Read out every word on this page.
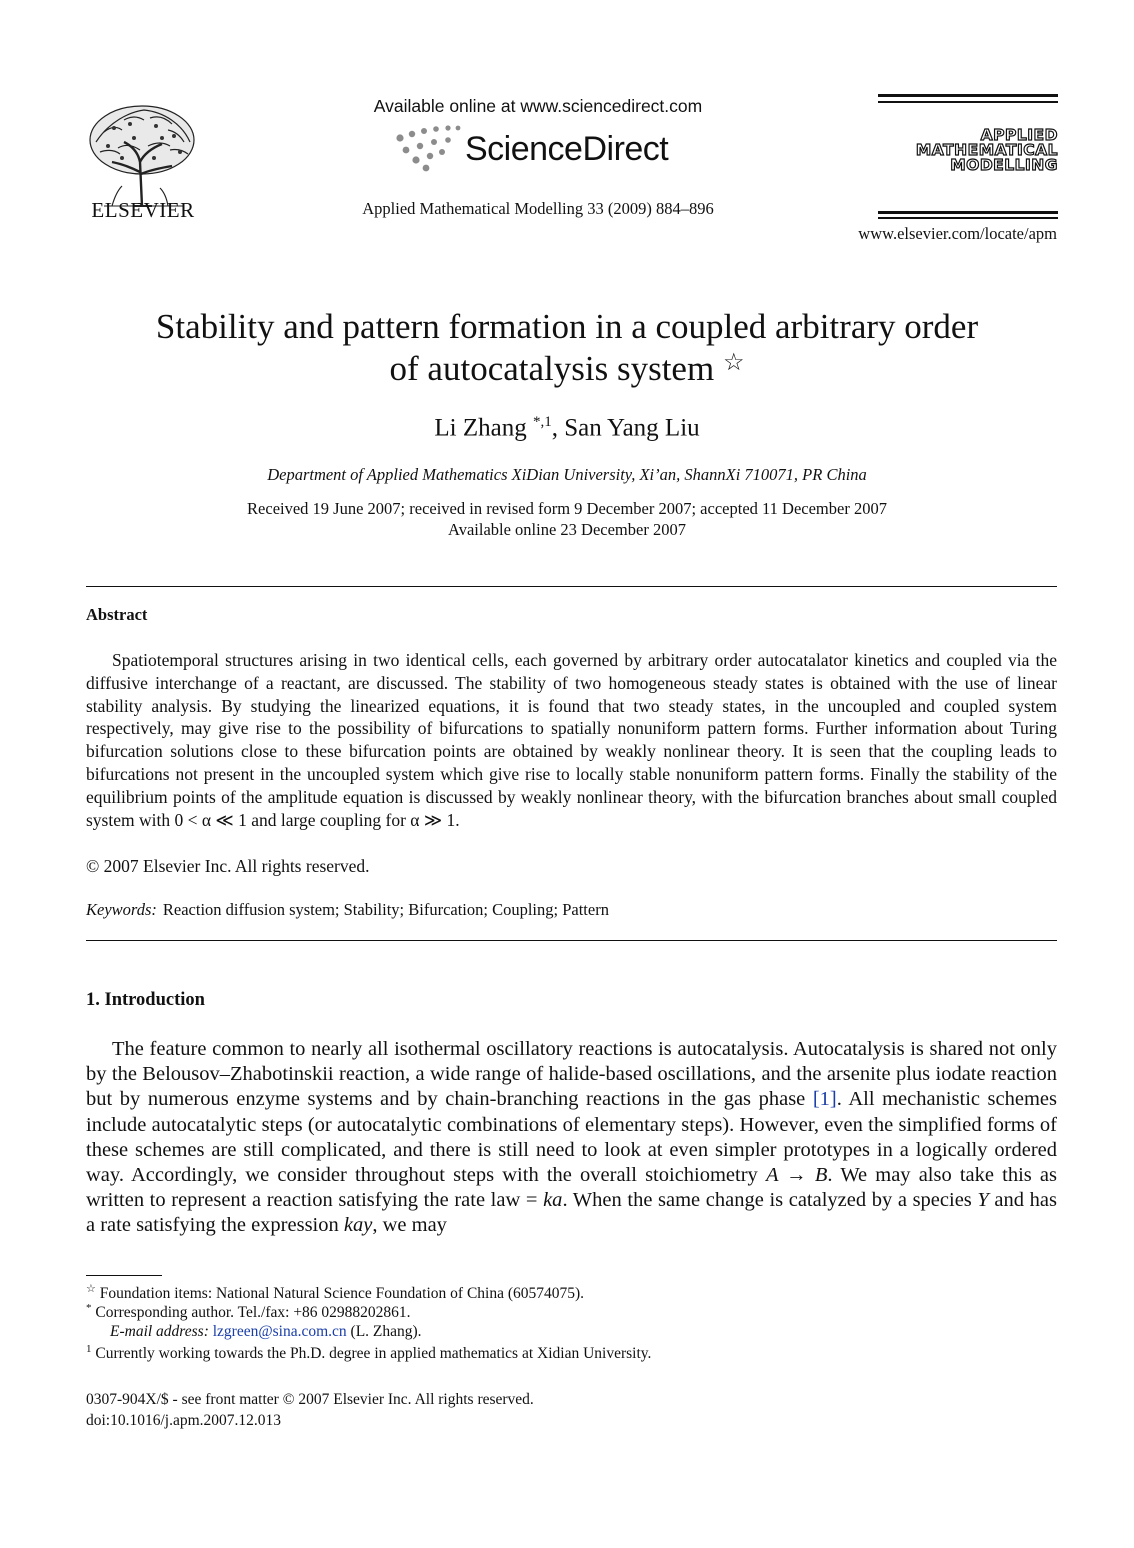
ELSEVIER
Available online at www.sciencedirect.com
ScienceDirect
Applied Mathematical Modelling 33 (2009) 884–896
APPLIED
MATHEMATICAL
MODELLING
www.elsevier.com/locate/apm
Stability and pattern formation in a coupled arbitrary order
of autocatalysis system ☆
Li Zhang $^{*,1}$, San Yang Liu
Department of Applied Mathematics XiDian University, Xi’an, ShannXi 710071, PR China
Received 19 June 2007; received in revised form 9 December 2007; accepted 11 December 2007
Available online 23 December 2007
Abstract
Spatiotemporal structures arising in two identical cells, each governed by arbitrary order autocatalator kinetics and coupled via the diffusive interchange of a reactant, are discussed. The stability of two homogeneous steady states is obtained with the use of linear stability analysis. By studying the linearized equations, it is found that two steady states, in the uncoupled and coupled system respectively, may give rise to the possibility of bifurcations to spatially nonuniform pattern forms. Further information about Turing bifurcation solutions close to these bifurcation points are obtained by weakly nonlinear theory. It is seen that the coupling leads to bifurcations not present in the uncoupled system which give rise to locally stable nonuniform pattern forms. Finally the stability of the equilibrium points of the amplitude equation is discussed by weakly nonlinear theory, with the bifurcation branches about small coupled system with 0 < α ≪ 1 and large coupling for α ≫ 1.
© 2007 Elsevier Inc. All rights reserved.
Keywords: Reaction diffusion system; Stability; Bifurcation; Coupling; Pattern
1. Introduction
The feature common to nearly all isothermal oscillatory reactions is autocatalysis. Autocatalysis is shared not only by the Belousov–Zhabotinskii reaction, a wide range of halide-based oscillations, and the arsenite plus iodate reaction but by numerous enzyme systems and by chain-branching reactions in the gas phase [1]. All mechanistic schemes include autocatalytic steps (or autocatalytic combinations of elementary steps). However, even the simplified forms of these schemes are still complicated, and there is still need to look at even simpler prototypes in a logically ordered way. Accordingly, we consider throughout steps with the overall stoichiometry A → B. We may also take this as written to represent a reaction satisfying the rate law = ka. When the same change is catalyzed by a species Y and has a rate satisfying the expression kay, we may
☆ Foundation items: National Natural Science Foundation of China (60574075).
* Corresponding author. Tel./fax: +86 02988202861.
E-mail address: lzgreen@sina.com.cn (L. Zhang).
$^1$ Currently working towards the Ph.D. degree in applied mathematics at Xidian University.
0307-904X/$ - see front matter © 2007 Elsevier Inc. All rights reserved.
doi:10.1016/j.apm.2007.12.013
